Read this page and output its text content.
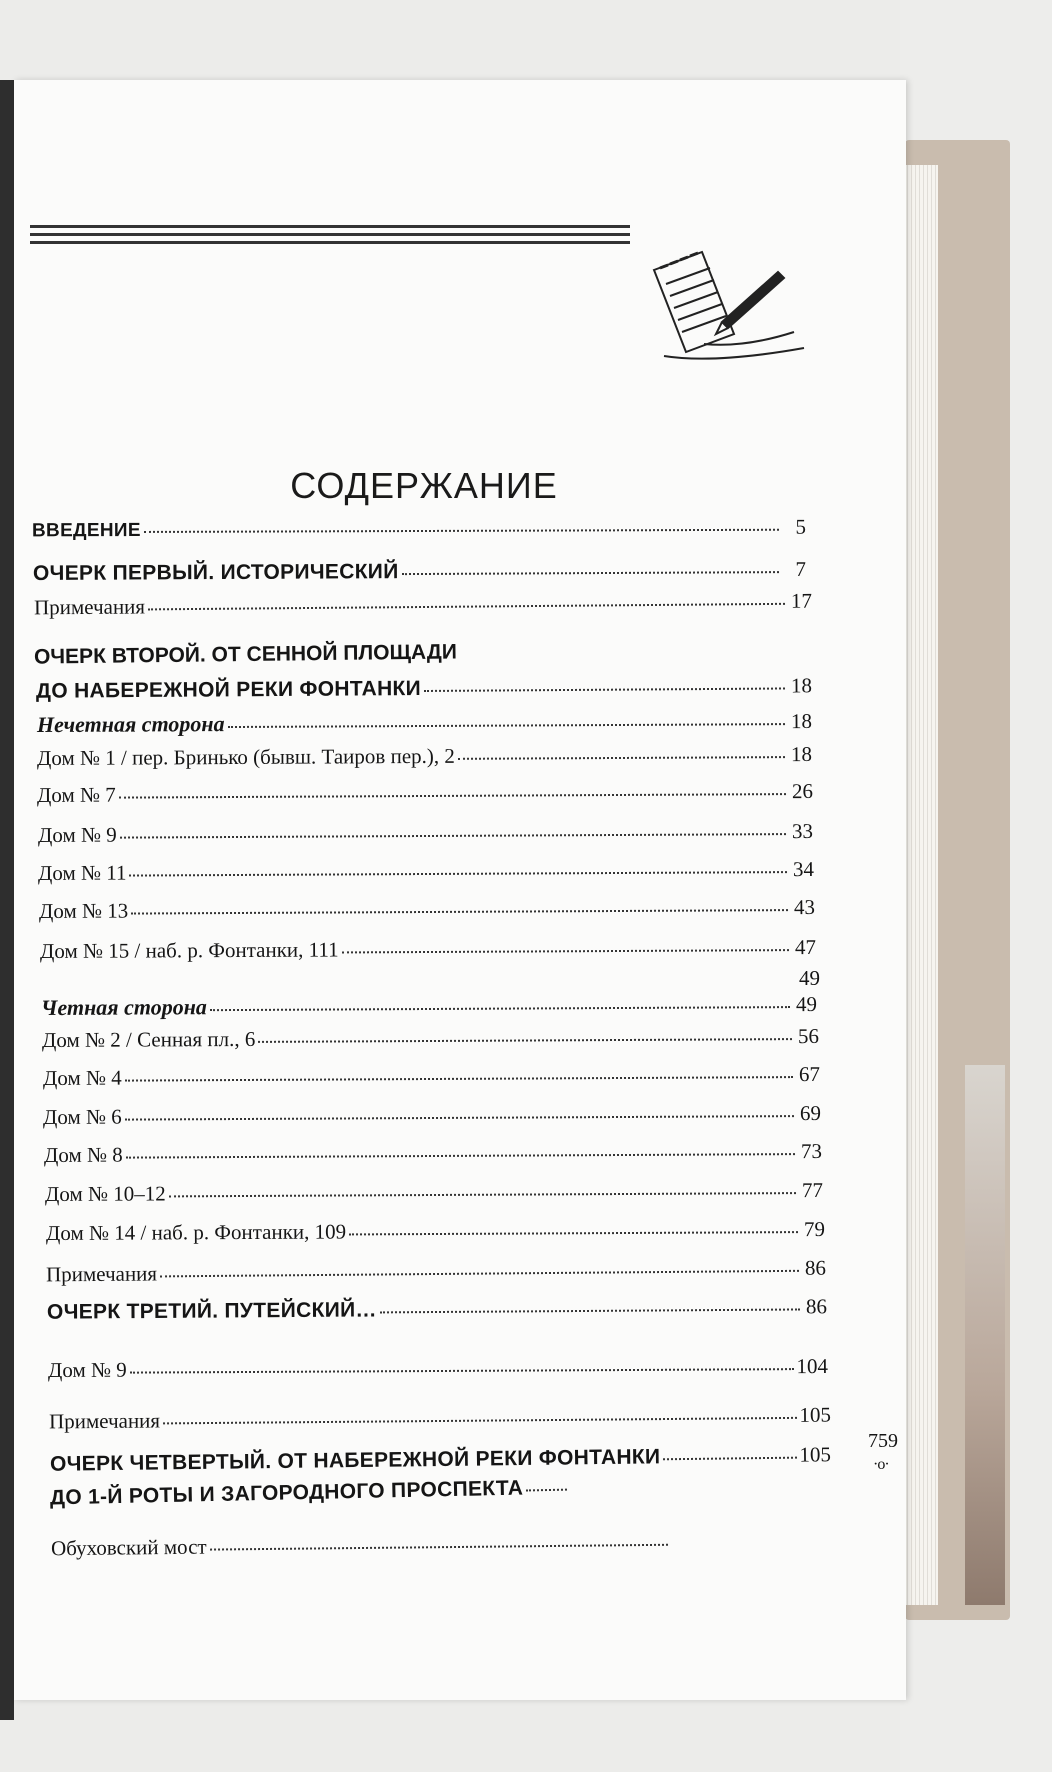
СОДЕРЖАНИЕ
ВВЕДЕНИЕ	5
ОЧЕРК ПЕРВЫЙ. ИСТОРИЧЕСКИЙ	7
Примечания	17
ОЧЕРК ВТОРОЙ. ОТ СЕННОЙ ПЛОЩАДИ
ДО НАБЕРЕЖНОЙ РЕКИ ФОНТАНКИ	18
Нечетная сторона	18
Дом № 1 / пер. Бринько (бывш. Таиров пер.), 2	18
Дом № 7	26
Дом № 9	33
Дом № 11	34
Дом № 13	43
Дом № 15 / наб. р. Фонтанки, 111	47
49
Четная сторона	49
Дом № 2 / Сенная пл., 6	56
Дом № 4	67
Дом № 6	69
Дом № 8	73
Дом № 10–12	77
Дом № 14 / наб. р. Фонтанки, 109	79
Примечания	86
ОЧЕРК ТРЕТИЙ. ПУТЕЙСКИЙ…	86
Дом № 9	104
Примечания	105
ОЧЕРК ЧЕТВЕРТЫЙ. ОТ НАБЕРЕЖНОЙ РЕКИ ФОНТАНКИ	105
ДО 1-Й РОТЫ И ЗАГОРОДНОГО ПРОСПЕКТА
Обуховский мост
759
·o·
